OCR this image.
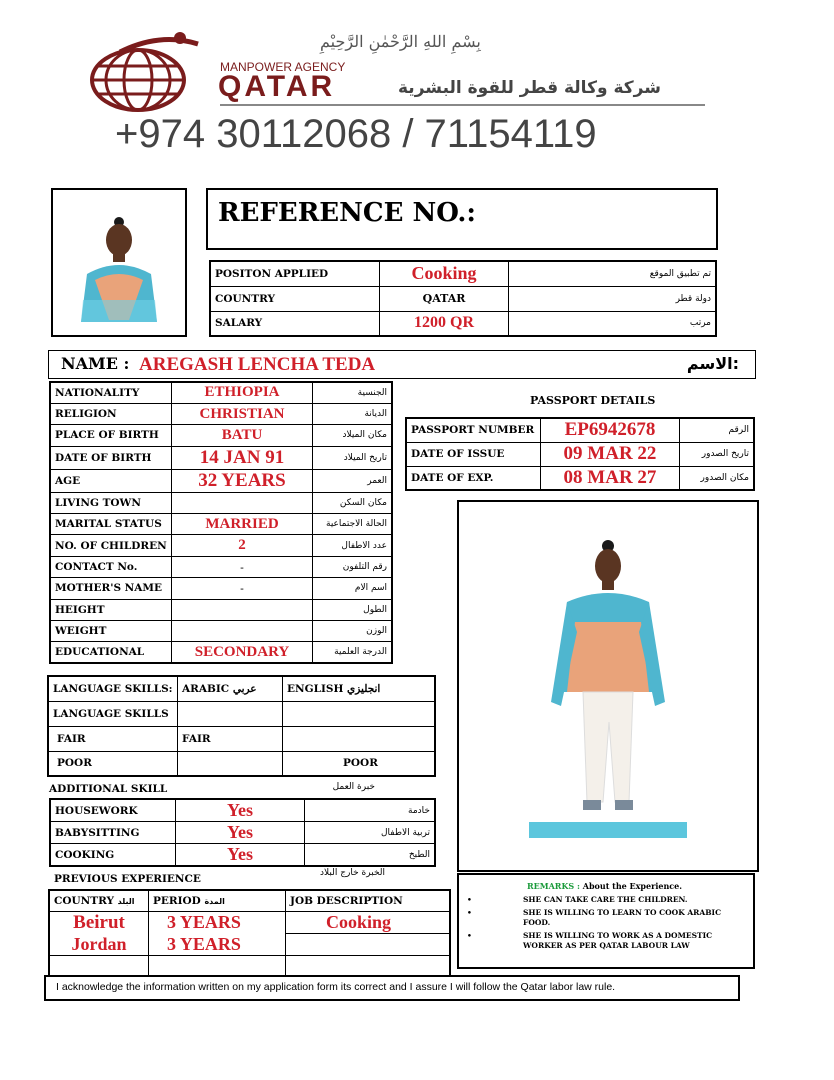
بِسْمِ اللهِ الرَّحْمٰنِ الرَّحِيْمِ
MANPOWER AGENCY
QATAR	شركة وكالة قطر للقوة البشرية
+974 30112068 / 71154119
REFERENCE NO.:
POSITON APPLIED	Cooking	تم تطبيق الموقع
COUNTRY	QATAR	دولة قطر
SALARY	1200 QR	مرتب
NAME : AREGASH LENCHA TEDA	الاسم:
NATIONALITY	ETHIOPIA	الجنسية
RELIGION	CHRISTIAN	الديانة
PLACE OF BIRTH	BATU	مكان الميلاد
DATE OF BIRTH	14 JAN 91	تاريخ الميلاد
AGE	32 YEARS	العمر
LIVING TOWN		مكان السكن
MARITAL STATUS	MARRIED	الحالة الاجتماعية
NO. OF CHILDREN	2	عدد الاطفال
CONTACT No.	-	رقم التلفون
MOTHER'S NAME	-	اسم الام
HEIGHT		الطول
WEIGHT		الوزن
EDUCATIONAL	SECONDARY	الدرجة العلمية
PASSPORT DETAILS
PASSPORT NUMBER	EP6942678	الرقم
DATE OF ISSUE	09 MAR 22	تاريخ الصدور
DATE OF EXP.	08 MAR 27	مكان الصدور
LANGUAGE SKILLS:	ARABIC عربي	ENGLISH انجليزي
LANGUAGE SKILLS		
FAIR	FAIR	
POOR		POOR
ADDITIONAL SKILL	خبرة العمل
HOUSEWORK	Yes	خادمة
BABYSITTING	Yes	تربية الاطفال
COOKING	Yes	الطبخ
PREVIOUS EXPERIENCE	الخبرة خارج البلاد
COUNTRY البلد	PERIOD المدة	JOB DESCRIPTION
Beirut	3 YEARS	Cooking
Jordan	3 YEARS	

REMARKS : About the Experience.
•	SHE CAN TAKE CARE THE CHILDREN.
•	SHE IS WILLING TO LEARN TO COOK ARABIC FOOD.
•	SHE IS WILLING TO WORK AS A DOMESTIC WORKER AS PER QATAR LABOUR LAW
I acknowledge the information written on my application form its correct and I assure I will follow the Qatar labor law rule.
